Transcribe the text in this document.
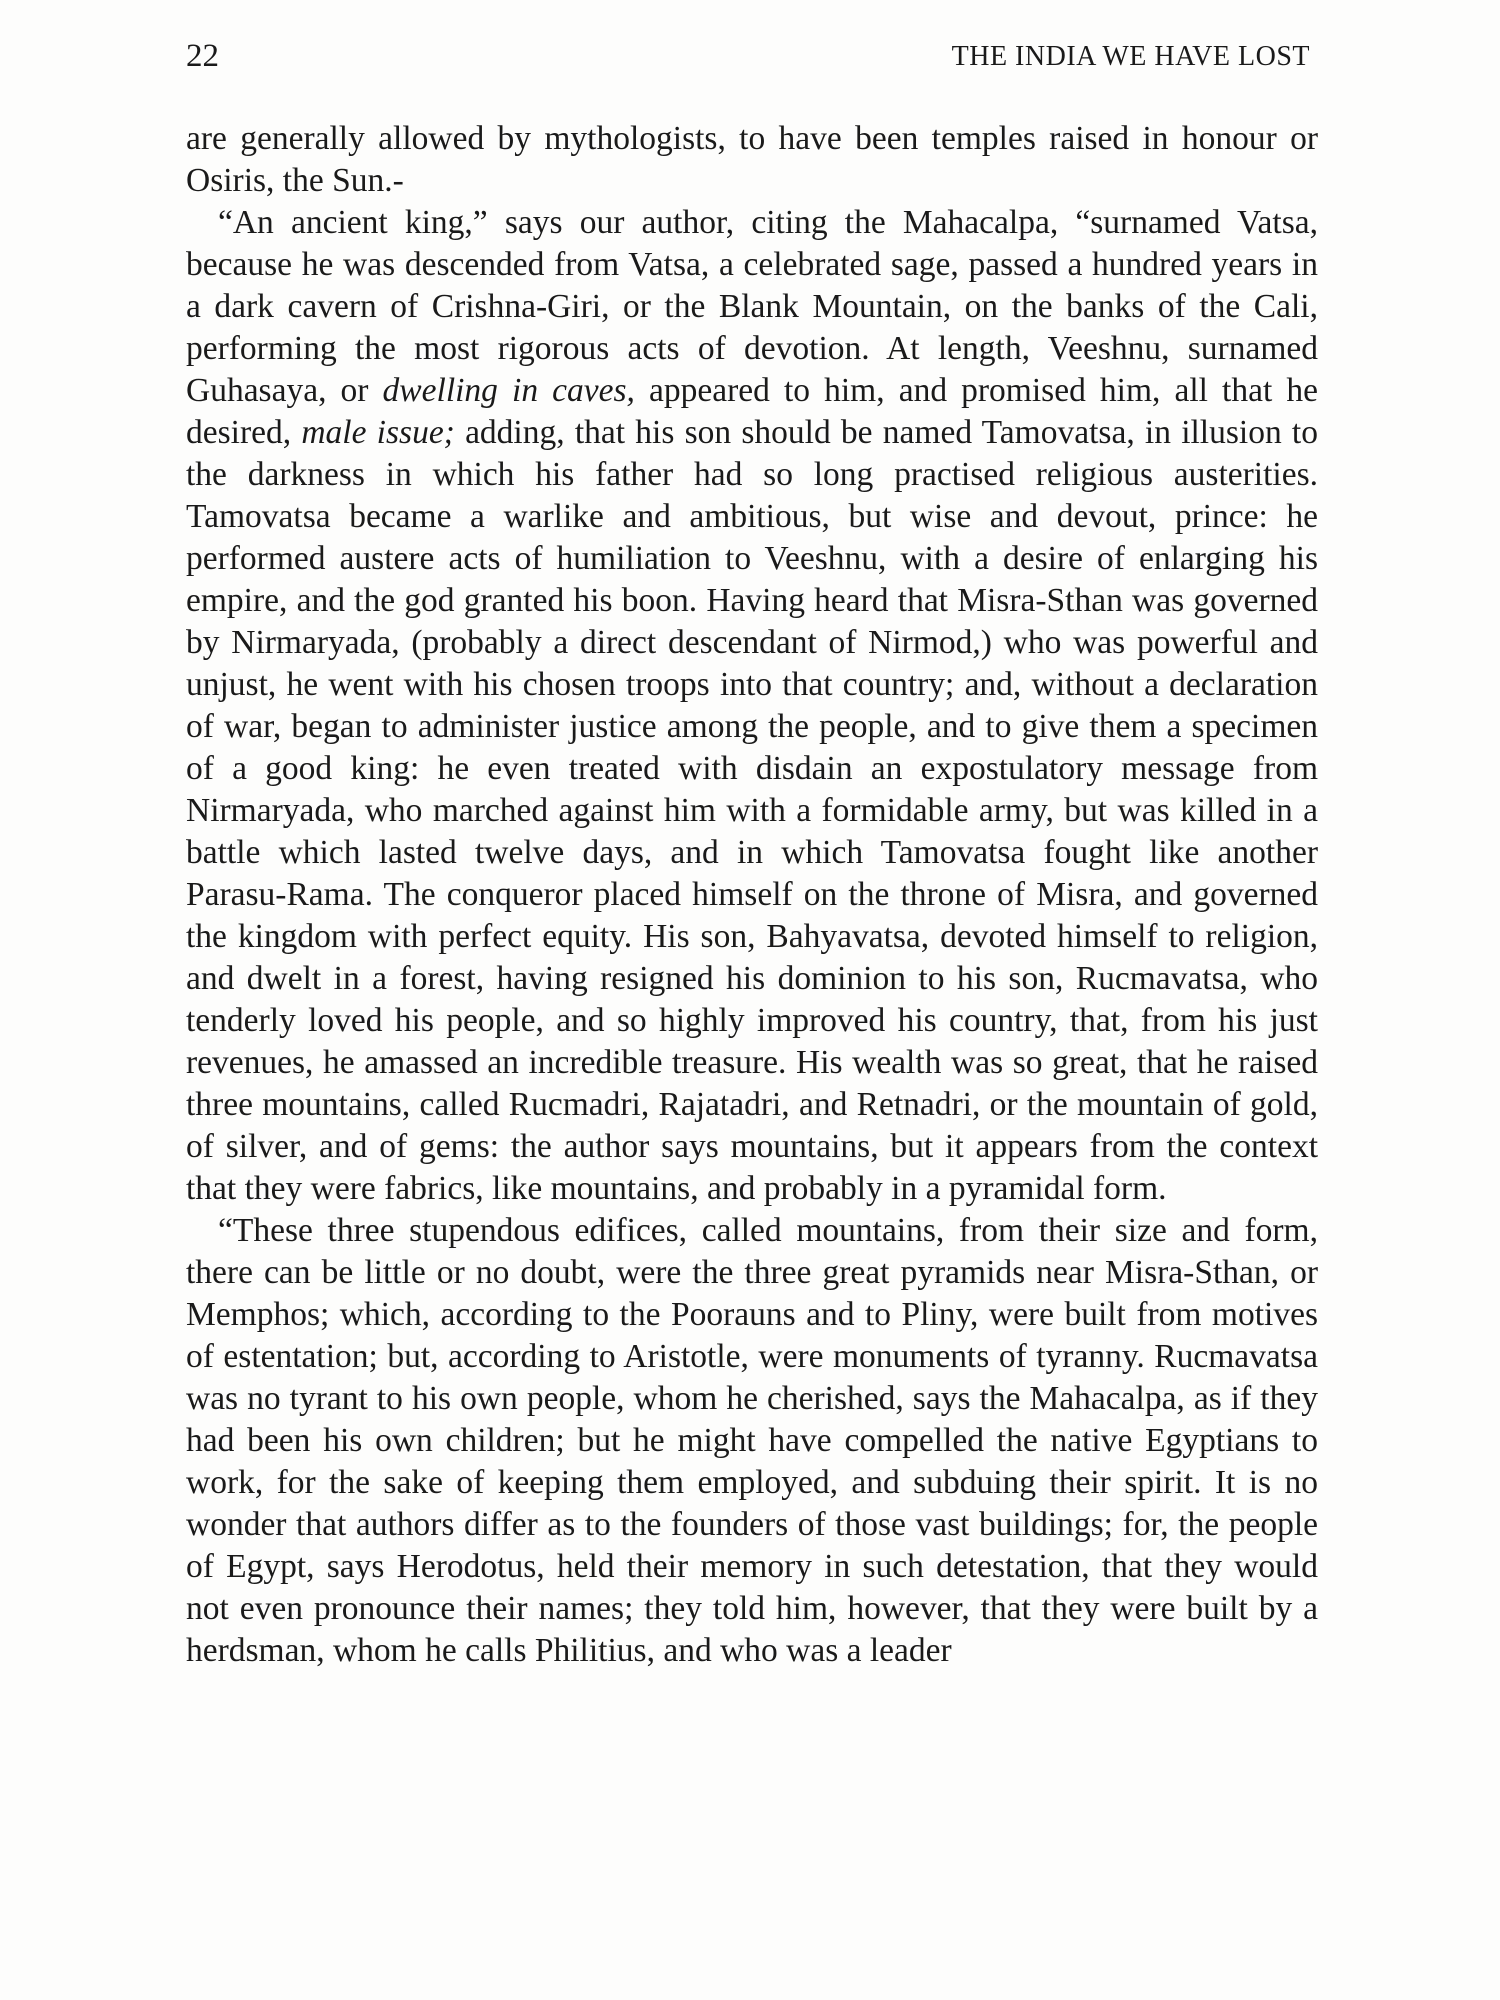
22	THE INDIA WE HAVE LOST

are generally allowed by mythologists, to have been temples raised in honour or Osiris, the Sun.-

“An ancient king,” says our author, citing the Mahacalpa, “surnamed Vatsa, because he was descended from Vatsa, a celebrated sage, passed a hundred years in a dark cavern of Crishna-Giri, or the Blank Mountain, on the banks of the Cali, performing the most rigorous acts of devotion. At length, Veeshnu, surnamed Guhasaya, or dwelling in caves, appeared to him, and promised him, all that he desired, male issue; adding, that his son should be named Tamovatsa, in illusion to the darkness in which his father had so long practised religious austerities. Tamovatsa became a warlike and ambitious, but wise and devout, prince: he performed austere acts of humiliation to Veeshnu, with a desire of enlarging his empire, and the god granted his boon. Having heard that Misra-Sthan was governed by Nirmaryada, (probably a direct descendant of Nirmod,) who was powerful and unjust, he went with his chosen troops into that country; and, without a declaration of war, began to administer justice among the people, and to give them a specimen of a good king: he even treated with disdain an expostulatory message from Nirmaryada, who marched against him with a formidable army, but was killed in a battle which lasted twelve days, and in which Tamovatsa fought like another Parasu-Rama. The conqueror placed himself on the throne of Misra, and governed the kingdom with perfect equity. His son, Bahyavatsa, devoted himself to religion, and dwelt in a forest, having resigned his dominion to his son, Rucmavatsa, who tenderly loved his people, and so highly improved his country, that, from his just revenues, he amassed an incredible treasure. His wealth was so great, that he raised three mountains, called Rucmadri, Rajatadri, and Retnadri, or the mountain of gold, of silver, and of gems: the author says mountains, but it appears from the context that they were fabrics, like mountains, and probably in a pyramidal form.

“These three stupendous edifices, called mountains, from their size and form, there can be little or no doubt, were the three great pyramids near Misra-Sthan, or Memphos; which, according to the Poorauns and to Pliny, were built from motives of estentation; but, according to Aristotle, were monuments of tyranny. Rucmavatsa was no tyrant to his own people, whom he cherished, says the Mahacalpa, as if they had been his own children; but he might have compelled the native Egyptians to work, for the sake of keeping them employed, and subduing their spirit. It is no wonder that authors differ as to the founders of those vast buildings; for, the people of Egypt, says Herodotus, held their memory in such detestation, that they would not even pronounce their names; they told him, however, that they were built by a herdsman, whom he calls Philitius, and who was a leader
